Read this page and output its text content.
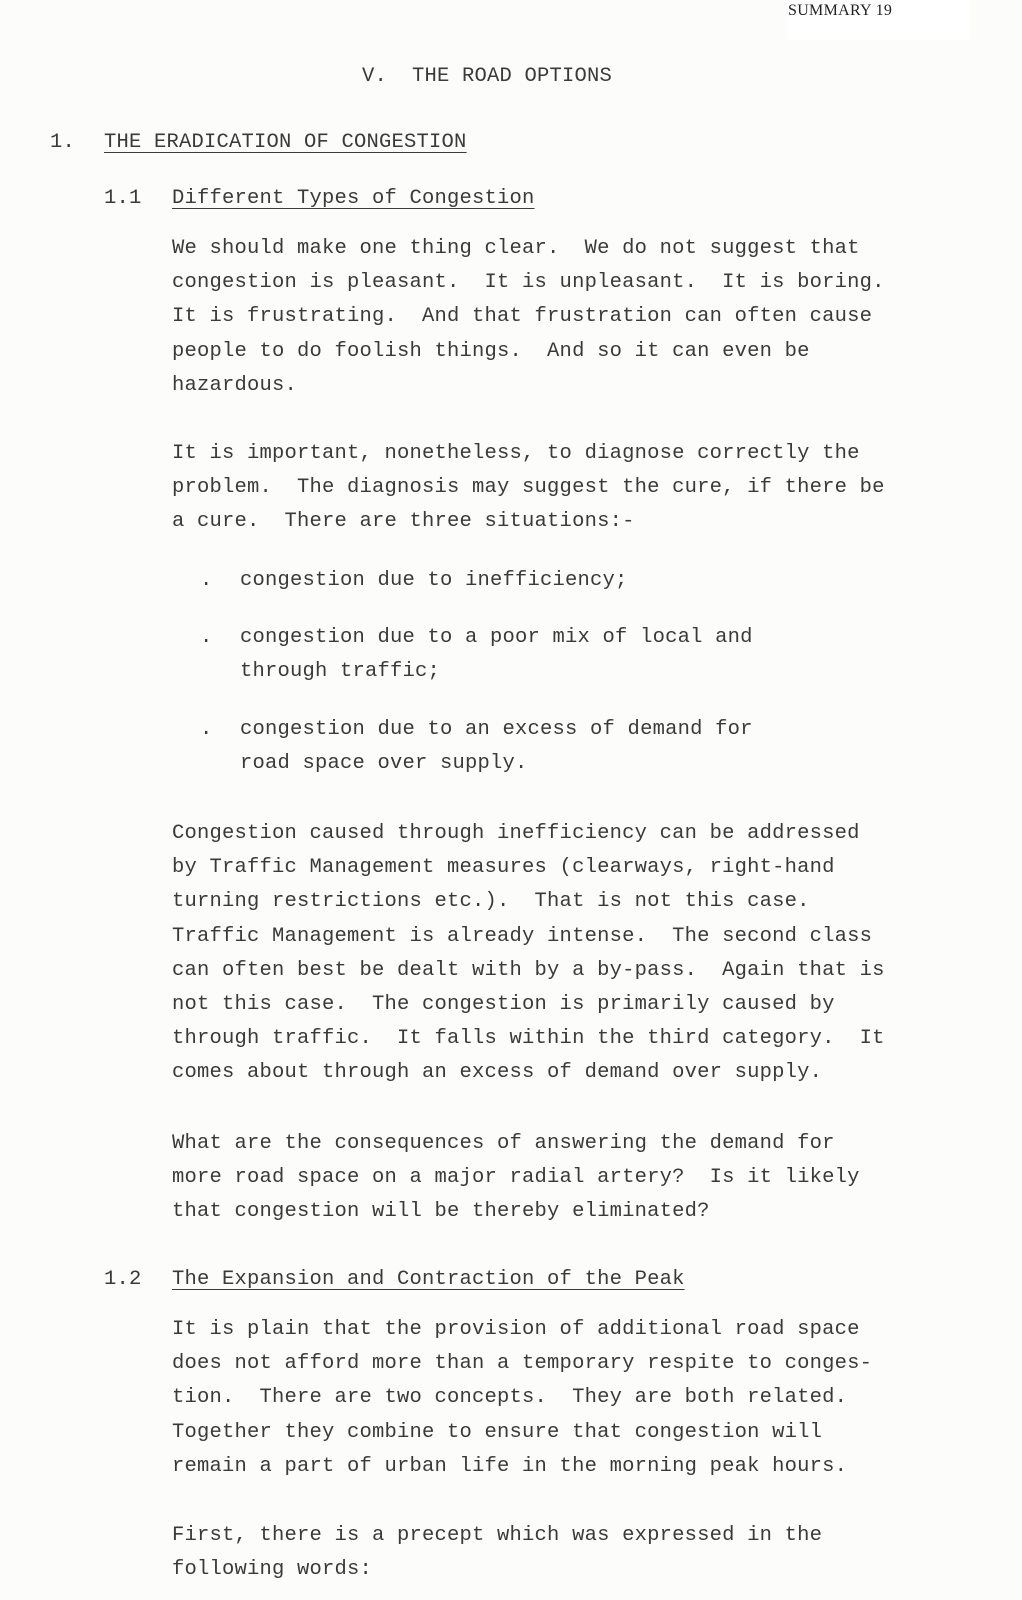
SUMMARY 19
V.  THE ROAD OPTIONS
1. THE ERADICATION OF CONGESTION
1.1 Different Types of Congestion
We should make one thing clear.  We do not suggest that
congestion is pleasant.  It is unpleasant.  It is boring.
It is frustrating.  And that frustration can often cause
people to do foolish things.  And so it can even be
hazardous.
It is important, nonetheless, to diagnose correctly the
problem.  The diagnosis may suggest the cure, if there be
a cure.  There are three situations:-
. congestion due to inefficiency;
. congestion due to a poor mix of local and
through traffic;
. congestion due to an excess of demand for
road space over supply.
Congestion caused through inefficiency can be addressed
by Traffic Management measures (clearways, right-hand
turning restrictions etc.).  That is not this case.
Traffic Management is already intense.  The second class
can often best be dealt with by a by-pass.  Again that is
not this case.  The congestion is primarily caused by
through traffic.  It falls within the third category.  It
comes about through an excess of demand over supply.
What are the consequences of answering the demand for
more road space on a major radial artery?  Is it likely
that congestion will be thereby eliminated?
1.2 The Expansion and Contraction of the Peak
It is plain that the provision of additional road space
does not afford more than a temporary respite to conges-
tion.  There are two concepts.  They are both related.
Together they combine to ensure that congestion will
remain a part of urban life in the morning peak hours.
First, there is a precept which was expressed in the
following words:
